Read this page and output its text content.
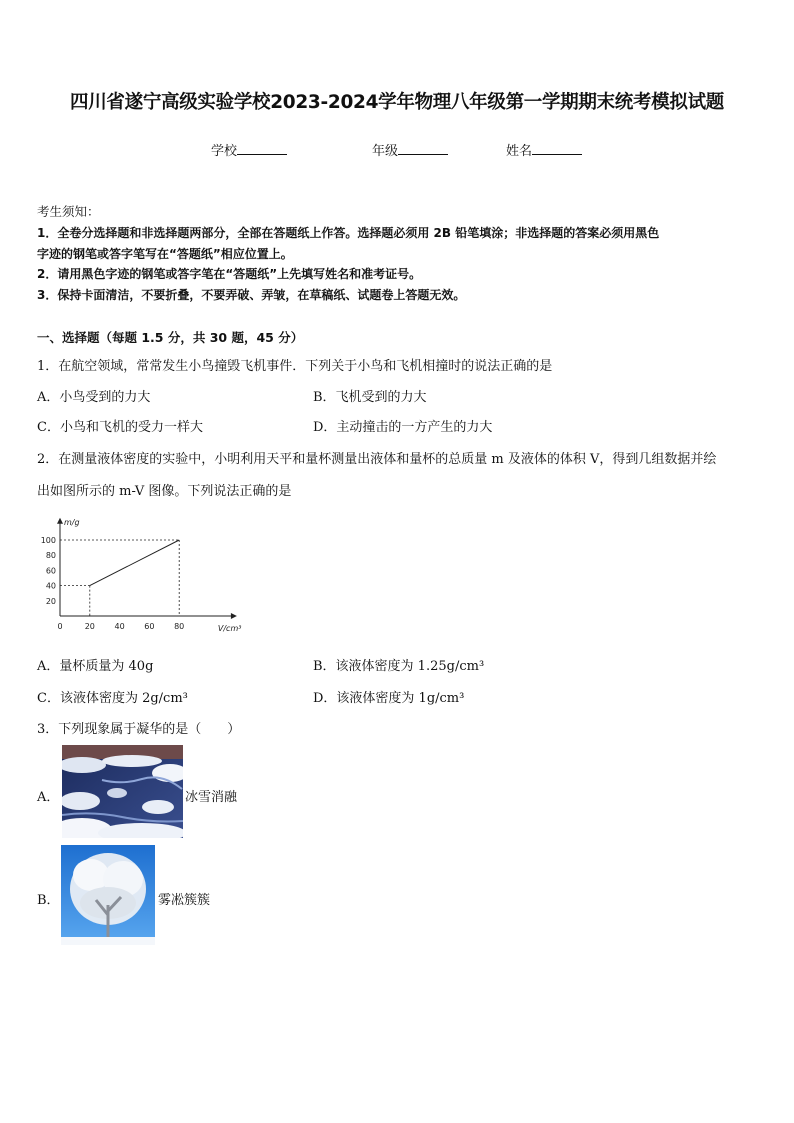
四川省遂宁高级实验学校2023-2024学年物理八年级第一学期期末统考模拟试题
学校	年级	姓名
考生须知：
1．全卷分选择题和非选择题两部分，全部在答题纸上作答。选择题必须用 2B 铅笔填涂；非选择题的答案必须用黑色
字迹的钢笔或答字笔写在“答题纸”相应位置上。
2．请用黑色字迹的钢笔或答字笔在“答题纸”上先填写姓名和准考证号。
3．保持卡面清洁，不要折叠，不要弄破、弄皱，在草稿纸、试题卷上答题无效。
一、选择题（每题 1.5 分，共 30 题，45 分）
1．在航空领域，常常发生小鸟撞毁飞机事件．下列关于小鸟和飞机相撞时的说法正确的是
A．小鸟受到的力大	B．飞机受到的力大
C．小鸟和飞机的受力一样大	D．主动撞击的一方产生的力大
2．在测量液体密度的实验中，小明利用天平和量杯测量出液体和量杯的总质量 m 及液体的体积 V，得到几组数据并绘
出如图所示的 m-V 图像。下列说法正确的是
m/g
V/cm³
0	20 40 60 80
20
40
60
80
100
A．量杯质量为 40g	B．该液体密度为 1.25g/cm³
C．该液体密度为 2g/cm³	D．该液体密度为 1g/cm³
3．下列现象属于凝华的是（　　）
A．	冰雪消融
B．	雾凇簇簇
